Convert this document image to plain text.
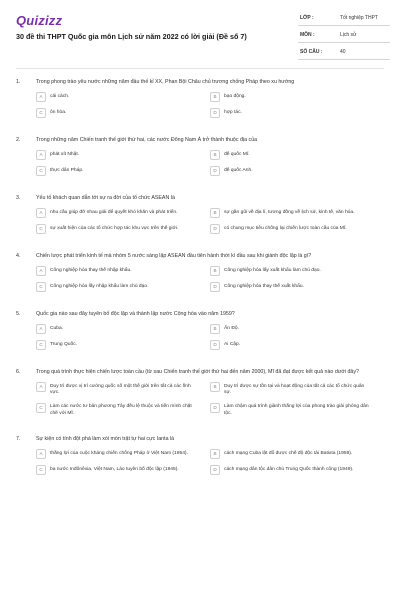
Quizizz
30 đề thi THPT Quốc gia môn Lịch sử năm 2022 có lời giải (Đề số 7)
LỚP :	Tốt nghiệp THPT
MÔN :	Lịch sử
SỐ CÂU :	40
1.	Trong phong trào yêu nước những năm đầu thế kỉ XX, Phan Bội Châu chủ trương chống Pháp theo xu hướng
A	cải cách.	B	bạo động.
C	ôn hòa.	D	hợp tác.
2.	Trong những năm Chiến tranh thế giới thứ hai, các nước Đông Nam Á trở thành thuộc địa của
A	phát xít Nhật.	B	đế quốc Mĩ.
C	thực dân Pháp.	D	đế quốc Anh.
3.	Yếu tố khách quan dẫn tới sự ra đời của tổ chức ASEAN là
A	nhu cầu giúp đỡ nhau giải để quyết khó khăn và phát triển.	B	sự gần gũi về địa lí, tương đồng về lịch sử, kinh tế, văn hóa.
C	sự xuất hiện của các tổ chức hợp tác khu vực trên thế giới.	D	có chung mục tiêu chống lại chiến lược toàn cầu của Mĩ.
4.	Chiến lược phát triển kinh tế mà nhóm 5 nước sáng lập ASEAN đầu tiên hành thời kì đầu sau khi giành độc lập là gì?
A	Công nghiệp hóa thay thế nhập khẩu.	B	Công nghiệp hóa lấy xuất khẩu làm chủ đạo.
C	Công nghiệp hóa lấy nhập khẩu làm chủ đạo.	D	Công nghiệp hóa thay thế xuất khẩu.
5.	Quốc gia nào sau đây tuyên bố độc lập và thành lập nước Cộng hòa vào năm 1959?
A	Cuba.	B	Ấn Độ.
C	Trung Quốc.	D	Ai Cập.
6.	Trong quá trình thực hiện chiến lược toàn cầu (từ sau Chiến tranh thế giới thứ hai đến năm 2000), Mĩ đã đạt được kết quả nào dưới đây?
A	Duy trì được vị trí cường quốc số một thế giới trên tất cả các lĩnh vực.
B	Duy trì được sự tồn tại và hoạt động của tất cả các tổ chức quân sự.
C	Làm các nước tư bản phương Tây đều lệ thuộc và tiến mình chặt chẽ với Mĩ.
D	Làm chậm quá trình giành thắng lợi của phong trào giải phóng dân tộc.
7.	Sự kiện có tính đột phá làm xói mòn trật tự hai cực Ianta là
A	thắng lợi của cuộc kháng chiến chống Pháp ở Việt Nam (1954).	B	cách mạng Cuba lật đổ được chế độ độc tài Batixta (1959).
C	ba nước Inđônêxia, Việt Nam, Lào tuyên bố độc lập (1945).	D	cách mạng dân tộc dân chủ Trung Quốc thành công (1949).
